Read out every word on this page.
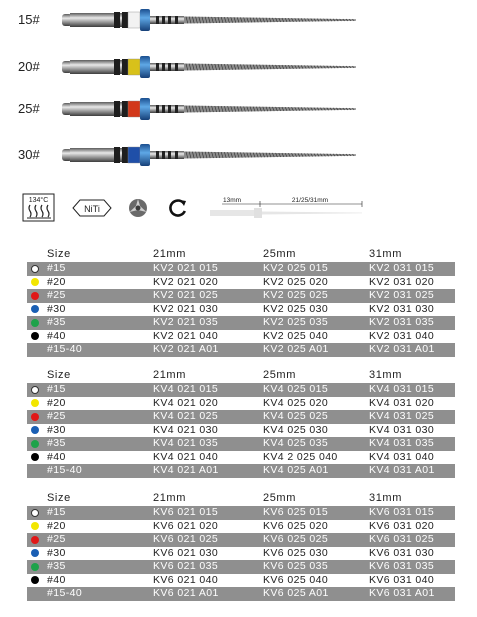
15#
20#
25#
30#
134°C
NiTi
13mm	21/25/31mm
Size	21mm	25mm	31mm
#15	KV2 021 015	KV2 025 015	KV2 031 015
#20	KV2 021 020	KV2 025 020	KV2 031 020
#25	KV2 021 025	KV2 025 025	KV2 031 025
#30	KV2 021 030	KV2 025 030	KV2 031 030
#35	KV2 021 035	KV2 025 035	KV2 031 035
#40	KV2 021 040	KV2 025 040	KV2 031 040
#15-40	KV2 021 A01	KV2 025 A01	KV2 031 A01
Size	21mm	25mm	31mm
#15	KV4 021 015	KV4 025 015	KV4 031 015
#20	KV4 021 020	KV4 025 020	KV4 031 020
#25	KV4 021 025	KV4 025 025	KV4 031 025
#30	KV4 021 030	KV4 025 030	KV4 031 030
#35	KV4 021 035	KV4 025 035	KV4 031 035
#40	KV4 021 040	KV4 2 025 040	KV4 031 040
#15-40	KV4 021 A01	KV4 025 A01	KV4 031 A01
Size	21mm	25mm	31mm
#15	KV6 021 015	KV6 025 015	KV6 031 015
#20	KV6 021 020	KV6 025 020	KV6 031 020
#25	KV6 021 025	KV6 025 025	KV6 031 025
#30	KV6 021 030	KV6 025 030	KV6 031 030
#35	KV6 021 035	KV6 025 035	KV6 031 035
#40	KV6 021 040	KV6 025 040	KV6 031 040
#15-40	KV6 021 A01	KV6 025 A01	KV6 031 A01
